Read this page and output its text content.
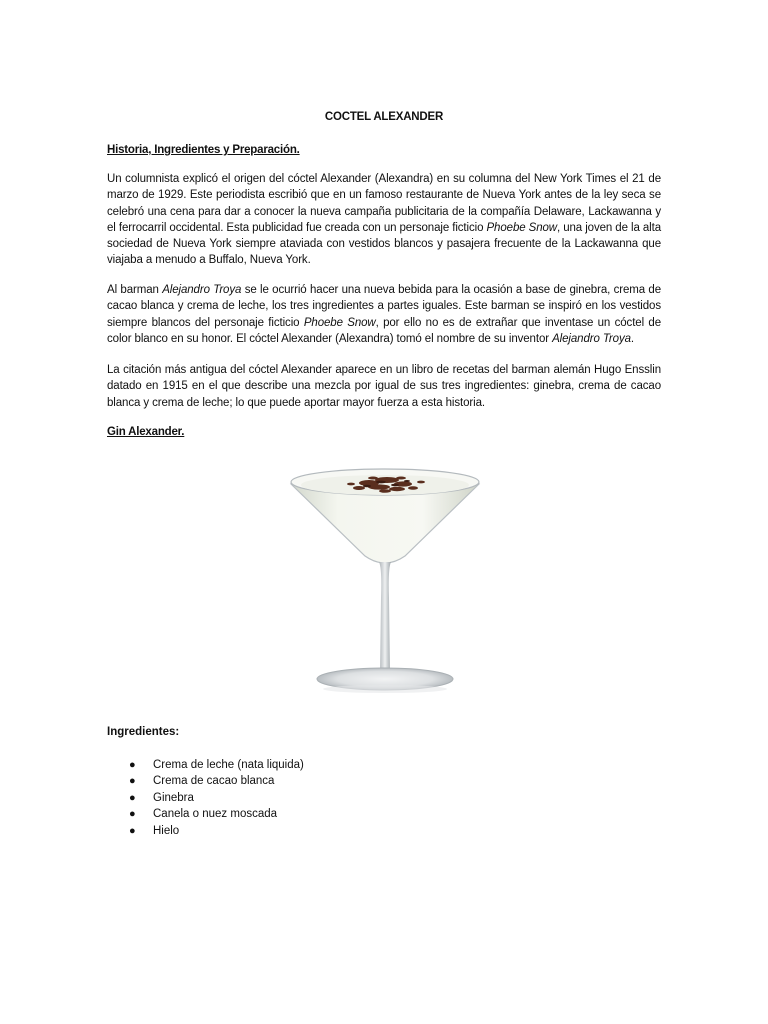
COCTEL ALEXANDER
Historia, Ingredientes y Preparación.
Un columnista explicó el origen del cóctel Alexander (Alexandra) en su columna del New York Times el 21 de marzo de 1929. Este periodista escribió que en un famoso restaurante de Nueva York antes de la ley seca se celebró una cena para dar a conocer la nueva campaña publicitaria de la compañía Delaware, Lackawanna y el ferrocarril occidental. Esta publicidad fue creada con un personaje ficticio Phoebe Snow, una joven de la alta sociedad de Nueva York siempre ataviada con vestidos blancos y pasajera frecuente de la Lackawanna que viajaba a menudo a Buffalo, Nueva York.
Al barman Alejandro Troya se le ocurrió hacer una nueva bebida para la ocasión a base de ginebra, crema de cacao blanca y crema de leche, los tres ingredientes a partes iguales. Este barman se inspiró en los vestidos siempre blancos del personaje ficticio Phoebe Snow, por ello no es de extrañar que inventase un cóctel de color blanco en su honor. El cóctel Alexander (Alexandra) tomó el nombre de su inventor Alejandro Troya.
La citación más antigua del cóctel Alexander aparece en un libro de recetas del barman alemán Hugo Ensslin datado en 1915 en el que describe una mezcla por igual de sus tres ingredientes: ginebra, crema de cacao blanca y crema de leche; lo que puede aportar mayor fuerza a esta historia.
Gin Alexander.
Ingredientes:
● Crema de leche (nata liquida)
● Crema de cacao blanca
● Ginebra
● Canela o nuez moscada
● Hielo
